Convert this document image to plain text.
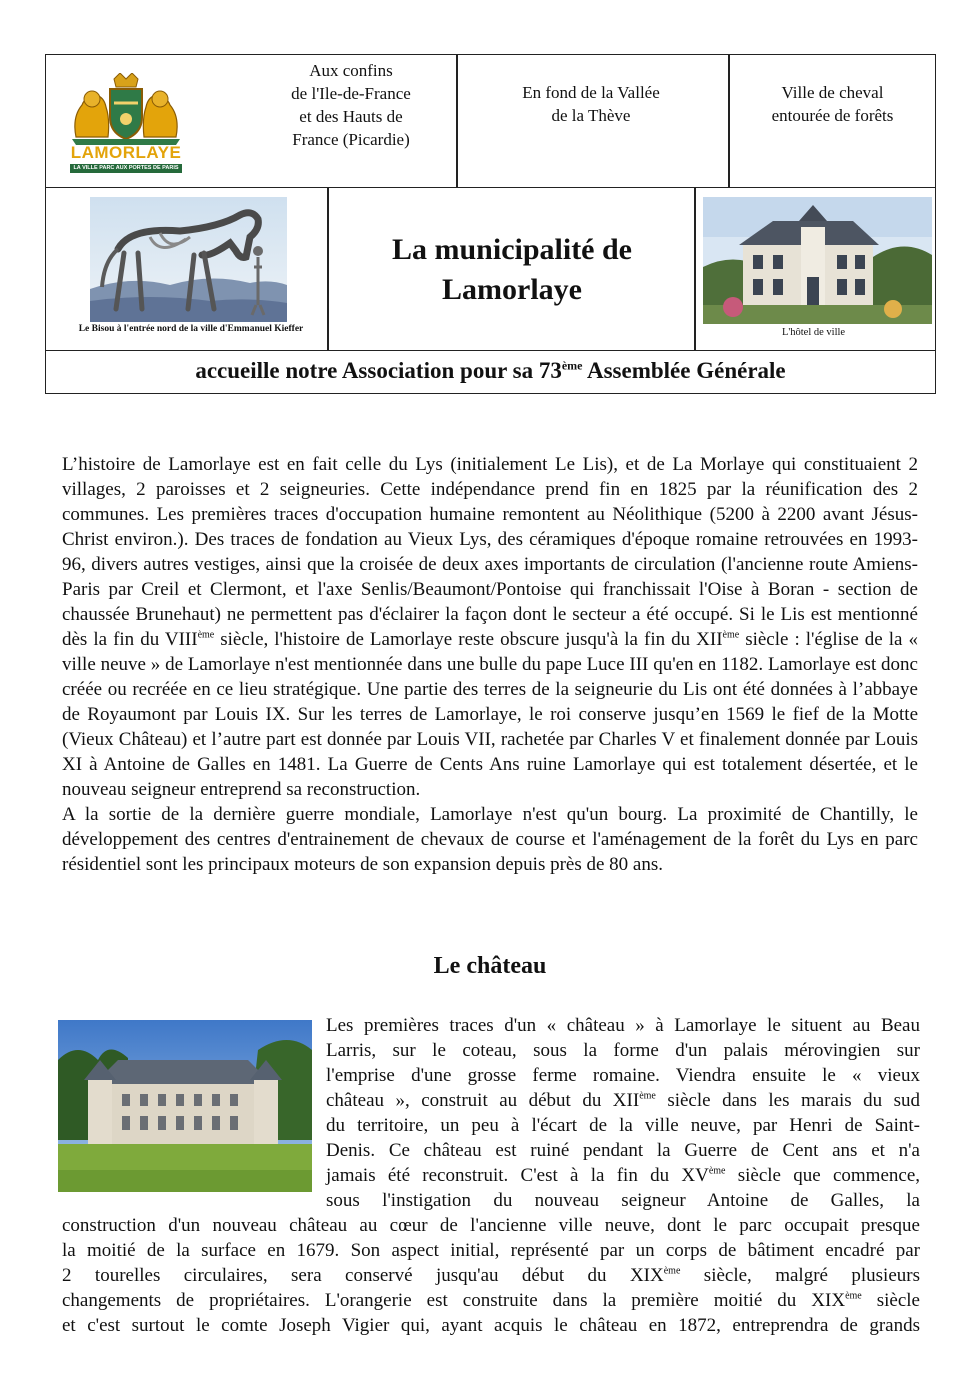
LAMORLAYE
LA VILLE PARC AUX PORTES DE PARIS
Aux confins
de l'Ile-de-France
et des Hauts de
France (Picardie)
En fond de la Vallée
de la Thève
Ville de cheval
entourée de forêts
Le Bisou à l'entrée nord de la ville d'Emmanuel Kieffer
La municipalité de
Lamorlaye
L'hôtel de ville
accueille notre Association pour sa 73ème Assemblée Générale

L’histoire de Lamorlaye est en fait celle du Lys (initialement Le Lis), et de La Morlaye qui constituaient 2 villages, 2 paroisses et 2 seigneuries. Cette indépendance prend fin en 1825 par la réunification des 2 communes. Les premières traces d'occupation humaine remontent au Néolithique (5200 à 2200 avant Jésus-Christ environ.). Des traces de fondation au Vieux Lys, des céramiques d'époque romaine retrouvées en 1993-96, divers autres vestiges, ainsi que la croisée de deux axes importants de circulation (l'ancienne route Amiens-Paris par Creil et Clermont, et l'axe Senlis/Beaumont/Pontoise qui franchissait l'Oise à Boran - section de chaussée Brunehaut) ne permettent pas d'éclairer la façon dont le secteur a été occupé. Si le Lis est mentionné dès la fin du VIIIème siècle, l'histoire de Lamorlaye reste obscure jusqu'à la fin du XIIème siècle : l'église de la « ville neuve » de Lamorlaye n'est mentionnée dans une bulle du pape Luce III qu'en en 1182. Lamorlaye est donc créée ou recréée en ce lieu stratégique. Une partie des terres de la seigneurie du Lis ont été données à l’abbaye de Royaumont par Louis IX. Sur les terres de Lamorlaye, le roi conserve jusqu’en 1569 le fief de la Motte (Vieux Château) et l’autre part est donnée par Louis VII, rachetée par Charles V et finalement donnée par Louis XI à Antoine de Galles en 1481. La Guerre de Cents Ans ruine Lamorlaye qui est totalement désertée, et le nouveau seigneur entreprend sa reconstruction.

A la sortie de la dernière guerre mondiale, Lamorlaye n'est qu'un bourg. La proximité de Chantilly, le développement des centres d'entrainement de chevaux de course et l'aménagement de la forêt du Lys en parc résidentiel sont les principaux moteurs de son expansion depuis près de 80 ans.

Le château
Les premières traces d'un « château » à Lamorlaye le situent au Beau
Larris, sur le coteau, sous la forme d'un palais mérovingien sur
l'emprise d'une grosse ferme romaine. Viendra ensuite le « vieux
château », construit au début du XIIème siècle dans les marais du sud
du territoire, un peu à l'écart de la ville neuve, par Henri de Saint-
Denis. Ce château est ruiné pendant la Guerre de Cent ans et n'a
jamais été reconstruit. C'est à la fin du XVème siècle que commence,
sous l'instigation du nouveau seigneur Antoine de Galles, la
construction d'un nouveau château au cœur de l'ancienne ville neuve, dont le parc occupait presque
la moitié de la surface en 1679. Son aspect initial, représenté par un corps de bâtiment encadré par
2 tourelles circulaires, sera conservé jusqu'au début du XIXème siècle, malgré plusieurs
changements de propriétaires. L'orangerie est construite dans la première moitié du XIXème siècle
et c'est surtout le comte Joseph Vigier qui, ayant acquis le château en 1872, entreprendra de grands
